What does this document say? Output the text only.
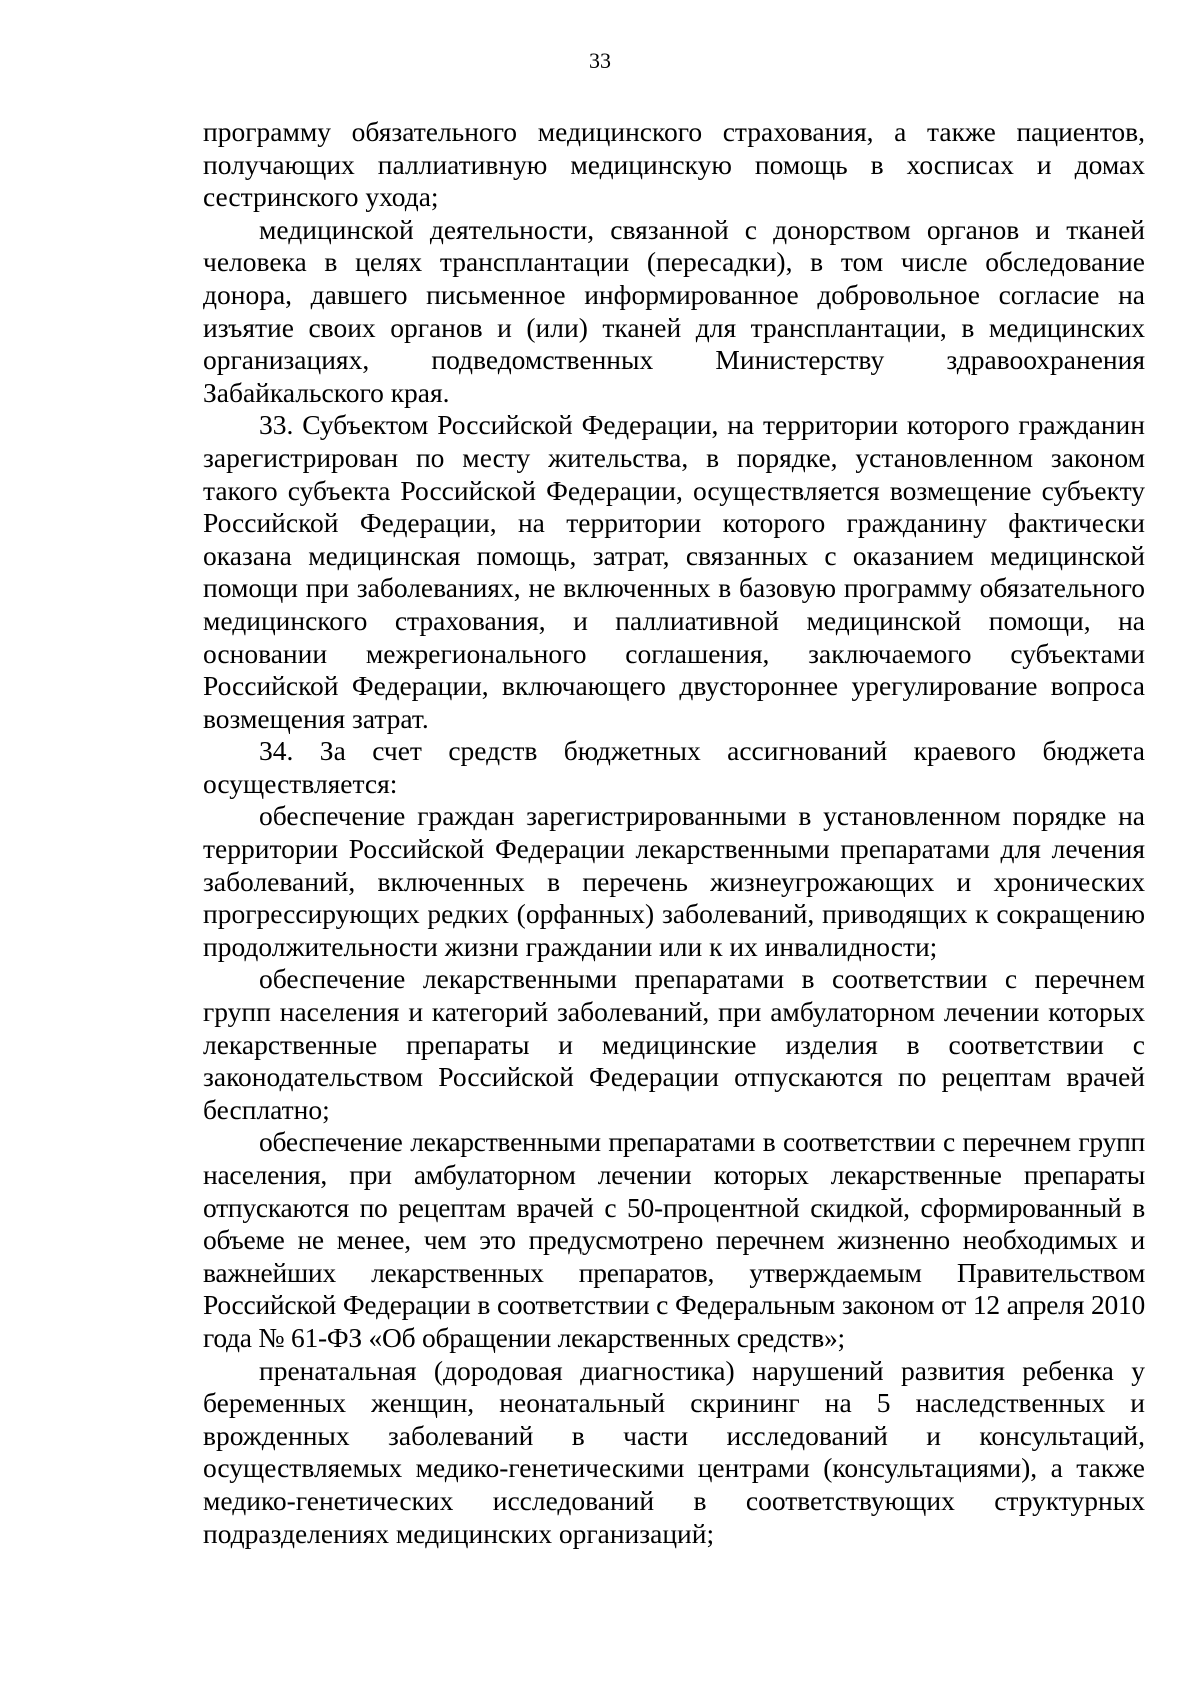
33

программу обязательного медицинского страхования, а также пациентов, получающих паллиативную медицинскую помощь в хосписах и домах сестринского ухода;

медицинской деятельности, связанной с донорством органов и тканей человека в целях трансплантации (пересадки), в том числе обследование донора, давшего письменное информированное добровольное согласие на изъятие своих органов и (или) тканей для трансплантации, в медицинских организациях, подведомственных Министерству здравоохранения Забайкальского края.

33. Субъектом Российской Федерации, на территории которого гражданин зарегистрирован по месту жительства, в порядке, установленном законом такого субъекта Российской Федерации, осуществляется возмещение субъекту Российской Федерации, на территории которого гражданину фактически оказана медицинская помощь, затрат, связанных с оказанием медицинской помощи при заболеваниях, не включенных в базовую программу обязательного медицинского страхования, и паллиативной медицинской помощи, на основании межрегионального соглашения, заключаемого субъектами Российской Федерации, включающего двустороннее урегулирование вопроса возмещения затрат.

34. За счет средств бюджетных ассигнований краевого бюджета осуществляется:

обеспечение граждан зарегистрированными в установленном порядке на территории Российской Федерации лекарственными препаратами для лечения заболеваний, включенных в перечень жизнеугрожающих и хронических прогрессирующих редких (орфанных) заболеваний, приводящих к сокращению продолжительности жизни граждании или к их инвалидности;

обеспечение лекарственными препаратами в соответствии с перечнем групп населения и категорий заболеваний, при амбулаторном лечении которых лекарственные препараты и медицинские изделия в соответствии с законодательством Российской Федерации отпускаются по рецептам врачей бесплатно;

обеспечение лекарственными препаратами в соответствии с перечнем групп населения, при амбулаторном лечении которых лекарственные препараты отпускаются по рецептам врачей с 50-процентной скидкой, сформированный в объеме не менее, чем это предусмотрено перечнем жизненно необходимых и важнейших лекарственных препаратов, утверждаемым Правительством Российской Федерации в соответствии с Федеральным законом от 12 апреля 2010 года № 61-ФЗ «Об обращении лекарственных средств»;

пренатальная (дородовая диагностика) нарушений развития ребенка у беременных женщин, неонатальный скрининг на 5 наследственных и врожденных заболеваний в части исследований и консультаций, осуществляемых медико-генетическими центрами (консультациями), а также медико-генетических исследований в соответствующих структурных подразделениях медицинских организаций;
